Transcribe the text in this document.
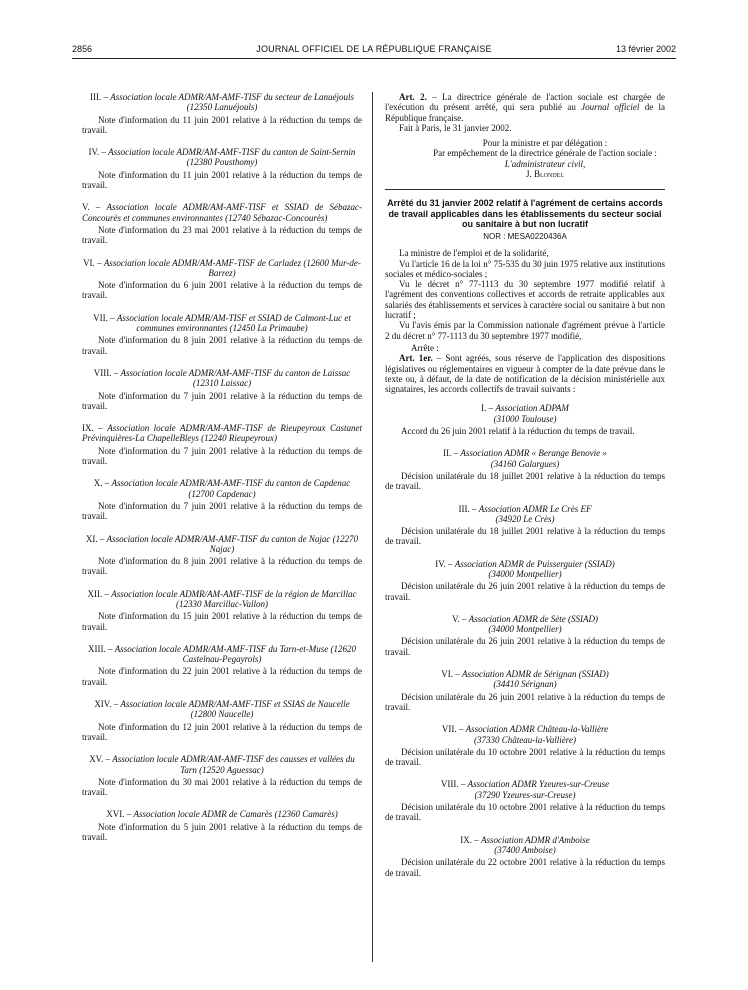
2856	JOURNAL OFFICIEL DE LA RÉPUBLIQUE FRANÇAISE	13 février 2002

III. – Association locale ADMR/AM-AMF-TISF du secteur de Lanuéjouls (12350 Lanuéjouls)

Note d'information du 11 juin 2001 relative à la réduction du temps de travail.

IV. – Association locale ADMR/AM-AMF-TISF du canton de Saint-Sernin (12380 Pousthomy)

Note d'information du 11 juin 2001 relative à la réduction du temps de travail.

V. – Association locale ADMR/AM-AMF-TISF et SSIAD de Sébazac-Concourès et communes environnantes (12740 Sébazac-Concourès)

Note d'information du 23 mai 2001 relative à la réduction du temps de travail.

VI. – Association locale ADMR/AM-AMF-TISF de Carladez (12600 Mur-de-Barrez)

Note d'information du 6 juin 2001 relative à la réduction du temps de travail.

VII. – Association locale ADMR/AM-TISF et SSIAD de Calmont-Luc et communes environnantes (12450 La Primaube)

Note d'information du 8 juin 2001 relative à la réduction du temps de travail.

VIII. – Association locale ADMR/AM-AMF-TISF du canton de Laissac (12310 Laissac)

Note d'information du 7 juin 2001 relative à la réduction du temps de travail.

IX. – Association locale ADMR/AM-AMF-TISF de Rieupeyroux Castanet Prévinquières-La ChapelleBleys (12240 Rieupeyroux)

Note d'information du 7 juin 2001 relative à la réduction du temps de travail.

X. – Association locale ADMR/AM-AMF-TISF du canton de Capdenac (12700 Capdenac)

Note d'information du 7 juin 2001 relative à la réduction du temps de travail.

XI. – Association locale ADMR/AM-AMF-TISF du canton de Najac (12270 Najac)

Note d'information du 8 juin 2001 relative à la réduction du temps de travail.

XII. – Association locale ADMR/AM-AMF-TISF de la région de Marcillac (12330 Marcillac-Vallon)

Note d'information du 15 juin 2001 relative à la réduction du temps de travail.

XIII. – Association locale ADMR/AM-AMF-TISF du Tarn-et-Muse (12620 Castelnau-Pegayrols)

Note d'information du 22 juin 2001 relative à la réduction du temps de travail.

XIV. – Association locale ADMR/AM-AMF-TISF et SSIAS de Naucelle (12800 Naucelle)

Note d'information du 12 juin 2001 relative à la réduction du temps de travail.

XV. – Association locale ADMR/AM-AMF-TISF des causses et vallées du Tarn (12520 Aguessac)

Note d'information du 30 mai 2001 relative à la réduction du temps de travail.

XVI. – Association locale ADMR de Camarès (12360 Camarès)

Note d'information du 5 juin 2001 relative à la réduction du temps de travail.

Art. 2. – La directrice générale de l'action sociale est chargée de l'exécution du présent arrêté, qui sera publié au Journal officiel de la République française.

Fait à Paris, le 31 janvier 2002.

Pour la ministre et par délégation :

Par empêchement de la directrice générale de l'action sociale :

L'administrateur civil,

J. Blondel

Arrêté du 31 janvier 2002 relatif à l'agrément de certains accords de travail applicables dans les établissements du secteur social ou sanitaire à but non lucratif

NOR : MESA0220436A

La ministre de l'emploi et de la solidarité,

Vu l'article 16 de la loi n° 75-535 du 30 juin 1975 relative aux institutions sociales et médico-sociales ;

Vu le décret n° 77-1113 du 30 septembre 1977 modifié relatif à l'agrément des conventions collectives et accords de retraite applicables aux salariés des établissements et services à caractère social ou sanitaire à but non lucratif ;

Vu l'avis émis par la Commission nationale d'agrément prévue à l'article 2 du décret n° 77-1113 du 30 septembre 1977 modifié,

Arrête :

Art. 1er. – Sont agréés, sous réserve de l'application des dispositions législatives ou réglementaires en vigueur à compter de la date prévue dans le texte ou, à défaut, de la date de notification de la décision ministérielle aux signataires, les accords collectifs de travail suivants :

I. – Association ADPAM

(31000 Toulouse)

Accord du 26 juin 2001 relatif à la réduction du temps de travail.

II. – Association ADMR « Berange Benovie »

(34160 Galargues)

Décision unilatérale du 18 juillet 2001 relative à la réduction du temps de travail.

III. – Association ADMR Le Crès EF

(34920 Le Crès)

Décision unilatérale du 18 juillet 2001 relative à la réduction du temps de travail.

IV. – Association ADMR de Puisserguier (SSIAD)

(34000 Montpellier)

Décision unilatérale du 26 juin 2001 relative à la réduction du temps de travail.

V. – Association ADMR de Sète (SSIAD)

(34000 Montpellier)

Décision unilatérale du 26 juin 2001 relative à la réduction du temps de travail.

VI. – Association ADMR de Sérignan (SSIAD)

(34410 Sérignan)

Décision unilatérale du 26 juin 2001 relative à la réduction du temps de travail.

VII. – Association ADMR Château-la-Vallière

(37330 Château-la-Vallière)

Décision unilatérale du 10 octobre 2001 relative à la réduction du temps de travail.

VIII. – Association ADMR Yzeures-sur-Creuse

(37290 Yzeures-sur-Creuse)

Décision unilatérale du 10 octobre 2001 relative à la réduction du temps de travail.

IX. – Association ADMR d'Amboise

(37400 Amboise)

Décision unilatérale du 22 octobre 2001 relative à la réduction du temps de travail.
